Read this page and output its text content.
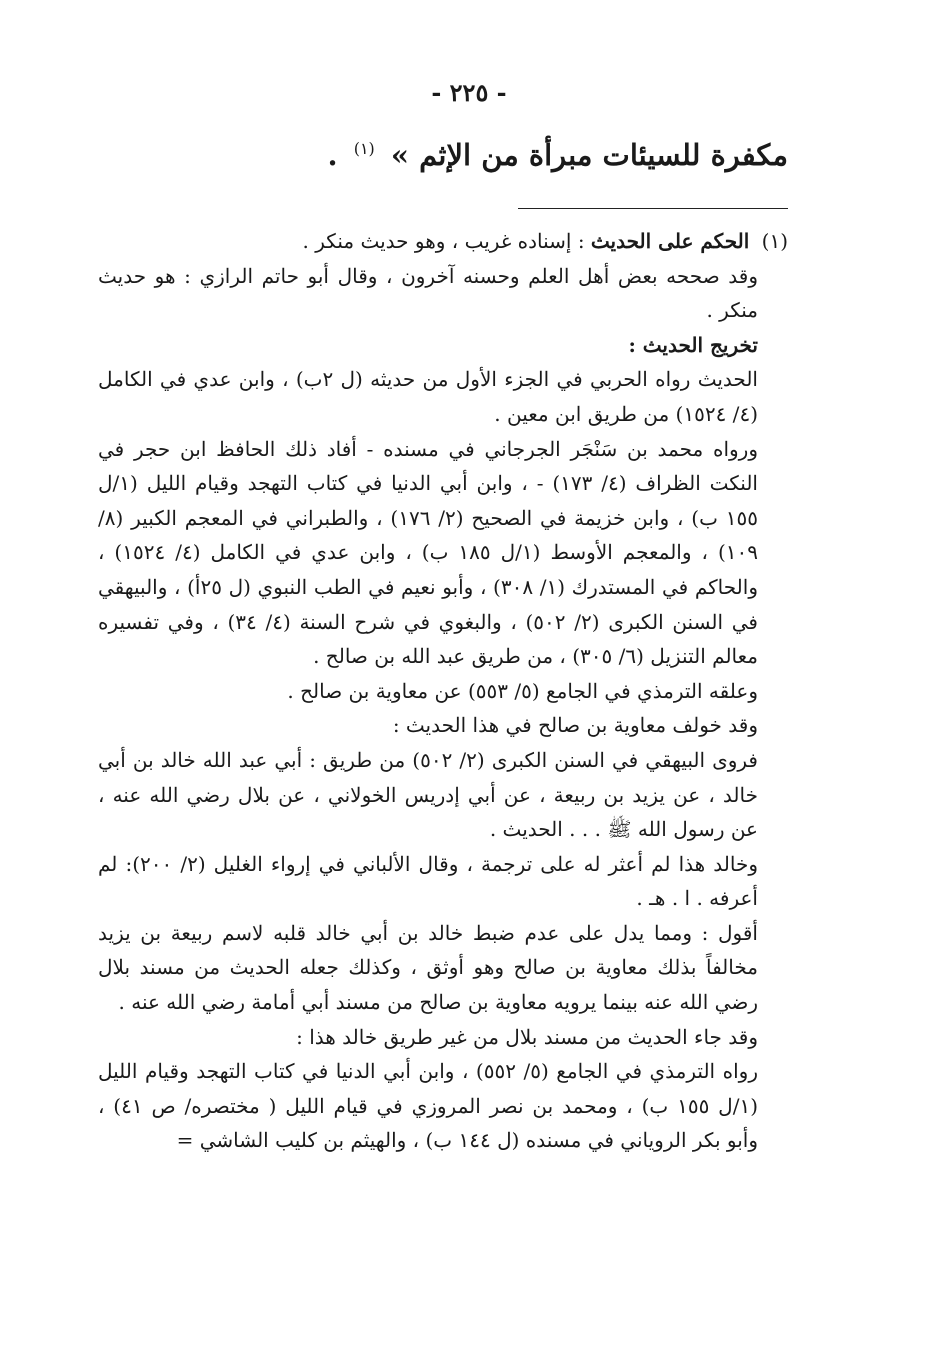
- ٢٢٥ -
مكفرة للسيئات مبرأة من الإثم » $^{(١)}$ .

(١) الحكم على الحديث : إسناده غريب ، وهو حديث منكر .

وقد صححه بعض أهل العلم وحسنه آخرون ، وقال أبو حاتم الرازي : هو حديث منكر .

تخريج الحديث :

الحديث رواه الحربي في الجزء الأول من حديثه (ل ٢ب) ، وابن عدي في الكامل (٤/ ١٥٢٤) من طريق ابن معين .

ورواه محمد بن سَنْجَر الجرجاني في مسنده - أفاد ذلك الحافظ ابن حجر في النكت الظراف (٤/ ١٧٣) - ، وابن أبي الدنيا في كتاب التهجد وقيام الليل (١/ل ١٥٥ ب) ، وابن خزيمة في الصحيح (٢/ ١٧٦) ، والطبراني في المعجم الكبير (٨/ ١٠٩) ، والمعجم الأوسط (١/ل ١٨٥ ب) ، وابن عدي في الكامل (٤/ ١٥٢٤) ، والحاكم في المستدرك (١/ ٣٠٨) ، وأبو نعيم في الطب النبوي (ل ٢٥أ) ، والبيهقي في السنن الكبرى (٢/ ٥٠٢) ، والبغوي في شرح السنة (٤/ ٣٤) ، وفي تفسيره معالم التنزيل (٦/ ٣٠٥) ، من طريق عبد الله بن صالح .

وعلقه الترمذي في الجامع (٥/ ٥٥٣) عن معاوية بن صالح .

وقد خولف معاوية بن صالح في هذا الحديث :

فروى البيهقي في السنن الكبرى (٢/ ٥٠٢) من طريق : أبي عبد الله خالد بن أبي خالد ، عن يزيد بن ربيعة ، عن أبي إدريس الخولاني ، عن بلال رضي الله عنه ، عن رسول الله ﷺ . . . الحديث .

وخالد هذا لم أعثر له على ترجمة ، وقال الألباني في إرواء الغليل (٢/ ٢٠٠): لم أعرفه . ا . هـ .

أقول : ومما يدل على عدم ضبط خالد بن أبي خالد قلبه لاسم ربيعة بن يزيد مخالفاً بذلك معاوية بن صالح وهو أوثق ، وكذلك جعله الحديث من مسند بلال رضي الله عنه بينما يرويه معاوية بن صالح من مسند أبي أمامة رضي الله عنه .

وقد جاء الحديث من مسند بلال من غير طريق خالد هذا :

رواه الترمذي في الجامع (٥/ ٥٥٢) ، وابن أبي الدنيا في كتاب التهجد وقيام الليل (١/ل ١٥٥ ب) ، ومحمد بن نصر المروزي في قيام الليل ( مختصره/ ص ٤١) ، وأبو بكر الروياني في مسنده (ل ١٤٤ ب) ، والهيثم بن كليب الشاشي =
